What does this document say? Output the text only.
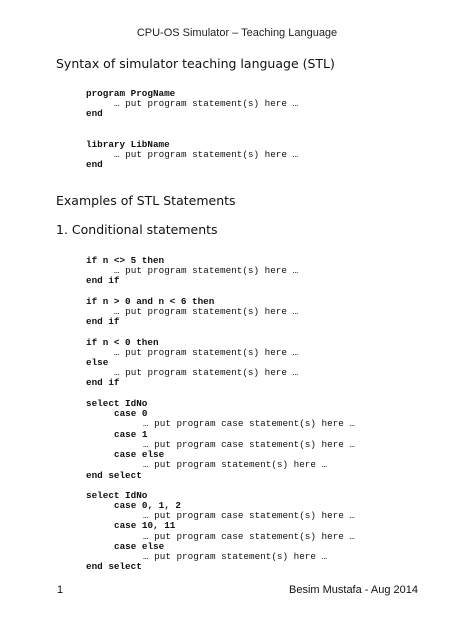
CPU-OS Simulator – Teaching Language
Syntax of simulator teaching language (STL)
program ProgName
… put program statement(s) here …
end
library LibName
… put program statement(s) here …
end
Examples of STL Statements
1. Conditional statements
if n <> 5 then
… put program statement(s) here …
end if
if n > 0 and n < 6 then
… put program statement(s) here …
end if
if n < 0 then
… put program statement(s) here …
else
… put program statement(s) here …
end if
select IdNo
case 0
… put program case statement(s) here …
case 1
… put program case statement(s) here …
case else
… put program statement(s) here …
end select
select IdNo
case 0, 1, 2
… put program case statement(s) here …
case 10, 11
… put program case statement(s) here …
case else
… put program statement(s) here …
end select
1	Besim Mustafa - Aug 2014
